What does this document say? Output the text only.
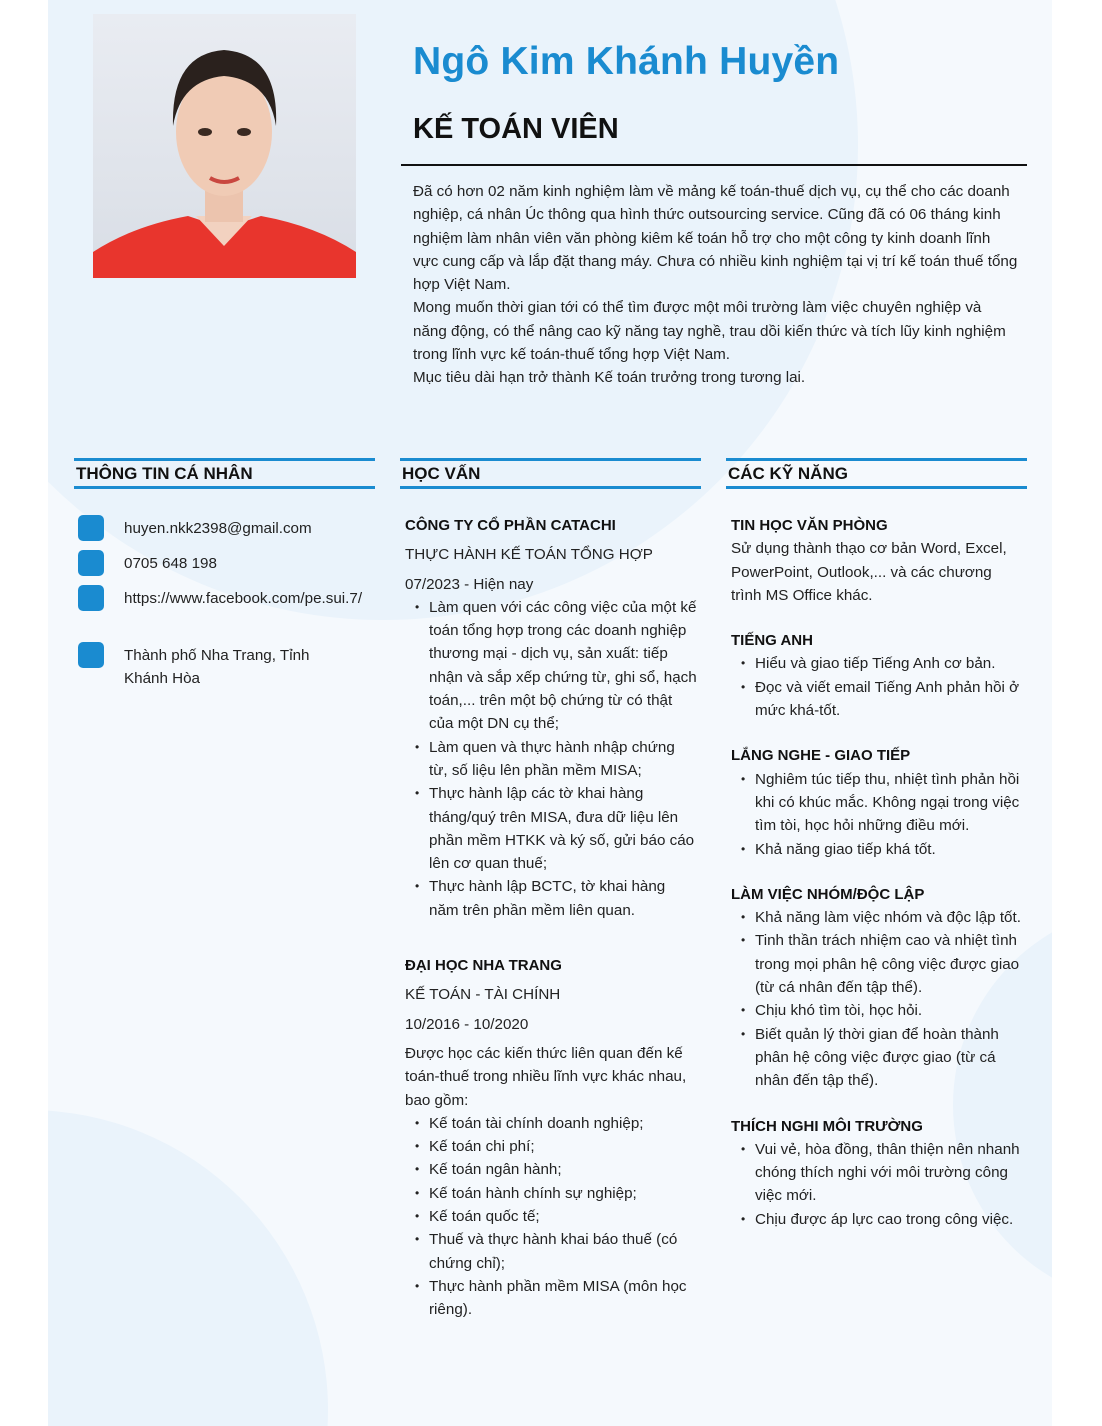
Ngô Kim Khánh Huyền
KẾ TOÁN VIÊN

Đã có hơn 02 năm kinh nghiệm làm về mảng kế toán-thuế dịch vụ, cụ thể cho các doanh nghiệp, cá nhân Úc thông qua hình thức outsourcing service. Cũng đã có 06 tháng kinh nghiệm làm nhân viên văn phòng kiêm kế toán hỗ trợ cho một công ty kinh doanh lĩnh vực cung cấp và lắp đặt thang máy. Chưa có nhiều kinh nghiệm tại vị trí kế toán thuế tổng hợp Việt Nam.

Mong muốn thời gian tới có thể tìm được một môi trường làm việc chuyên nghiệp và năng động, có thể nâng cao kỹ năng tay nghề, trau dồi kiến thức và tích lũy kinh nghiệm trong lĩnh vực kế toán-thuế tổng hợp Việt Nam.

Mục tiêu dài hạn trở thành Kế toán trưởng trong tương lai.

THÔNG TIN CÁ NHÂN	HỌC VẤN	CÁC KỸ NĂNG
huyen.nkk2398@gmail.com
0705 648 198
https://www.facebook.com/pe.sui.7/
Thành phố Nha Trang, Tỉnh Khánh Hòa

CÔNG TY CỔ PHẦN CATACHI

THỰC HÀNH KẾ TOÁN TỔNG HỢP

07/2023 - Hiện nay

• Làm quen với các công việc của một kế toán tổng hợp trong các doanh nghiệp thương mại - dịch vụ, sản xuất: tiếp nhận và sắp xếp chứng từ, ghi sổ, hạch toán,... trên một bộ chứng từ có thật của một DN cụ thể;
• Làm quen và thực hành nhập chứng từ, số liệu lên phần mềm MISA;
• Thực hành lập các tờ khai hàng tháng/quý trên MISA, đưa dữ liệu lên phần mềm HTKK và ký số, gửi báo cáo lên cơ quan thuế;
• Thực hành lập BCTC, tờ khai hàng năm trên phần mềm liên quan.

ĐẠI HỌC NHA TRANG

KẾ TOÁN - TÀI CHÍNH

10/2016 - 10/2020

Được học các kiến thức liên quan đến kế toán-thuế trong nhiều lĩnh vực khác nhau, bao gồm:

• Kế toán tài chính doanh nghiệp;
• Kế toán chi phí;
• Kế toán ngân hành;
• Kế toán hành chính sự nghiệp;
• Kế toán quốc tế;
• Thuế và thực hành khai báo thuế (có chứng chỉ);
• Thực hành phần mềm MISA (môn học riêng).

TIN HỌC VĂN PHÒNG

Sử dụng thành thạo cơ bản Word, Excel, PowerPoint, Outlook,... và các chương trình MS Office khác.

TIẾNG ANH

• Hiểu và giao tiếp Tiếng Anh cơ bản.
• Đọc và viết email Tiếng Anh phản hồi ở mức khá-tốt.

LẮNG NGHE - GIAO TIẾP

• Nghiêm túc tiếp thu, nhiệt tình phản hồi khi có khúc mắc. Không ngại trong việc tìm tòi, học hỏi những điều mới.
• Khả năng giao tiếp khá tốt.

LÀM VIỆC NHÓM/ĐỘC LẬP

• Khả năng làm việc nhóm và độc lập tốt.
• Tinh thần trách nhiệm cao và nhiệt tình trong mọi phân hệ công việc được giao (từ cá nhân đến tập thể).
• Chịu khó tìm tòi, học hỏi.
• Biết quản lý thời gian để hoàn thành phân hệ công việc được giao (từ cá nhân đến tập thể).

THÍCH NGHI MÔI TRƯỜNG

• Vui vẻ, hòa đồng, thân thiện nên nhanh chóng thích nghi với môi trường công việc mới.
• Chịu được áp lực cao trong công việc.
